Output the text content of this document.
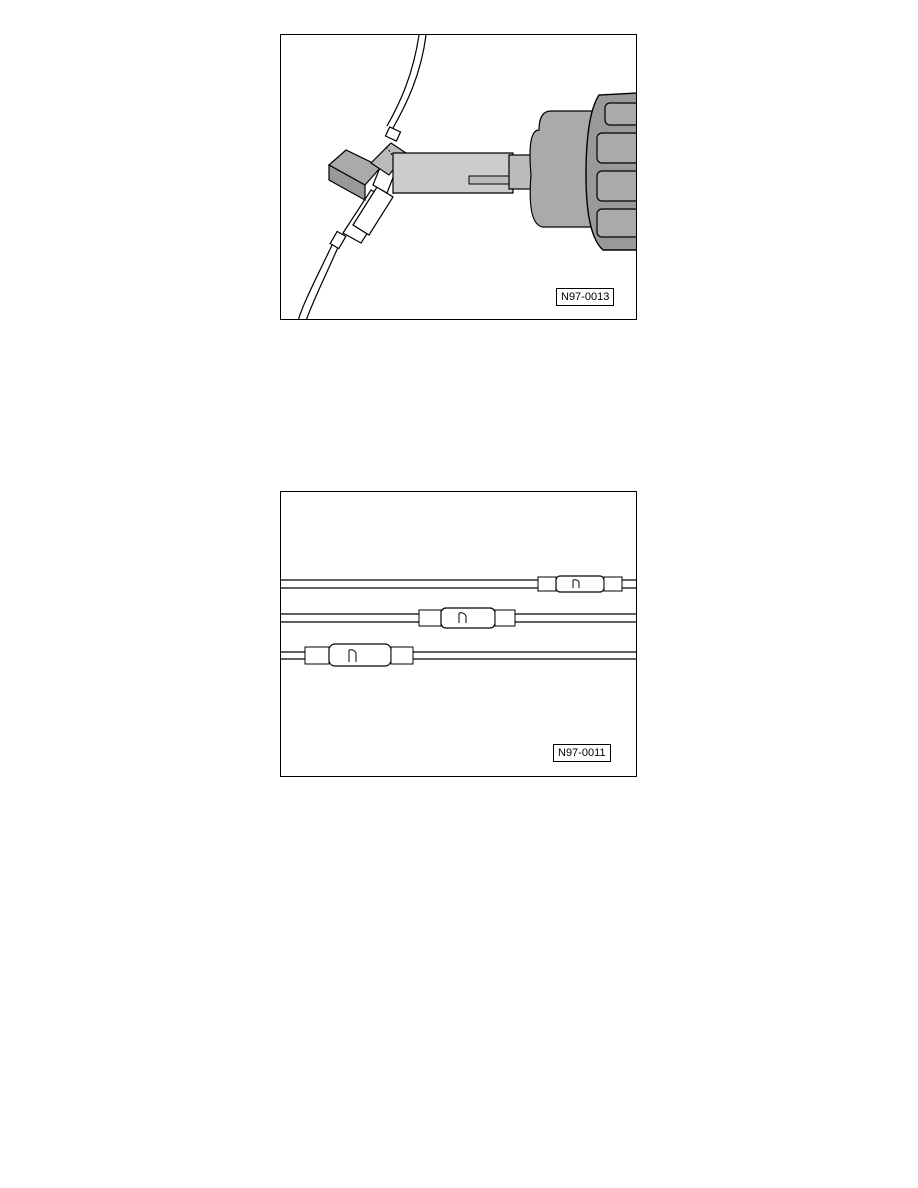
N97-0013
N97-0011
